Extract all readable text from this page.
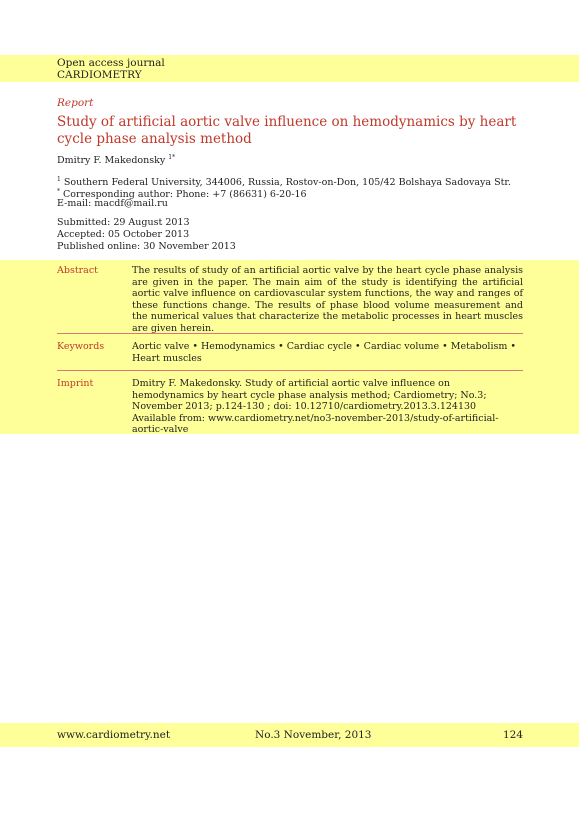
Open access journal
CARDIOMETRY
Report
Study of artificial aortic valve influence on hemodynamics by heart cycle phase analysis method
Dmitry F. Makedonsky $^{1*}$
$^1$ Southern Federal University, 344006, Russia, Rostov-on-Don, 105/42 Bolshaya Sadovaya Str.
* Corresponding author: Phone: +7 (86631) 6-20-16
E-mail: macdf@mail.ru
Submitted: 29 August 2013
Accepted: 05 October 2013
Published online: 30 November 2013
Abstract	The results of study of an artificial aortic valve by the heart cycle phase analysis are given in the paper. The main aim of the study is identifying the artificial aortic valve influence on cardiovascular system functions, the way and ranges of these functions change. The results of phase blood volume measurement and the numerical values that characterize the metabolic processes in heart muscles are given herein.
Keywords	Aortic valve • Hemodynamics • Cardiac cycle • Cardiac volume • Metabolism • Heart muscles
Imprint	Dmitry F. Makedonsky. Study of artificial aortic valve influence on hemodynamics by heart cycle phase analysis method; Cardiometry; No.3; November 2013; p.124-130 ; doi: 10.12710/cardiometry.2013.3.124130 Available from: www.cardiometry.net/no3-november-2013/study-of-artificial-aortic-valve
www.cardiometry.net	No.3 November, 2013	124
